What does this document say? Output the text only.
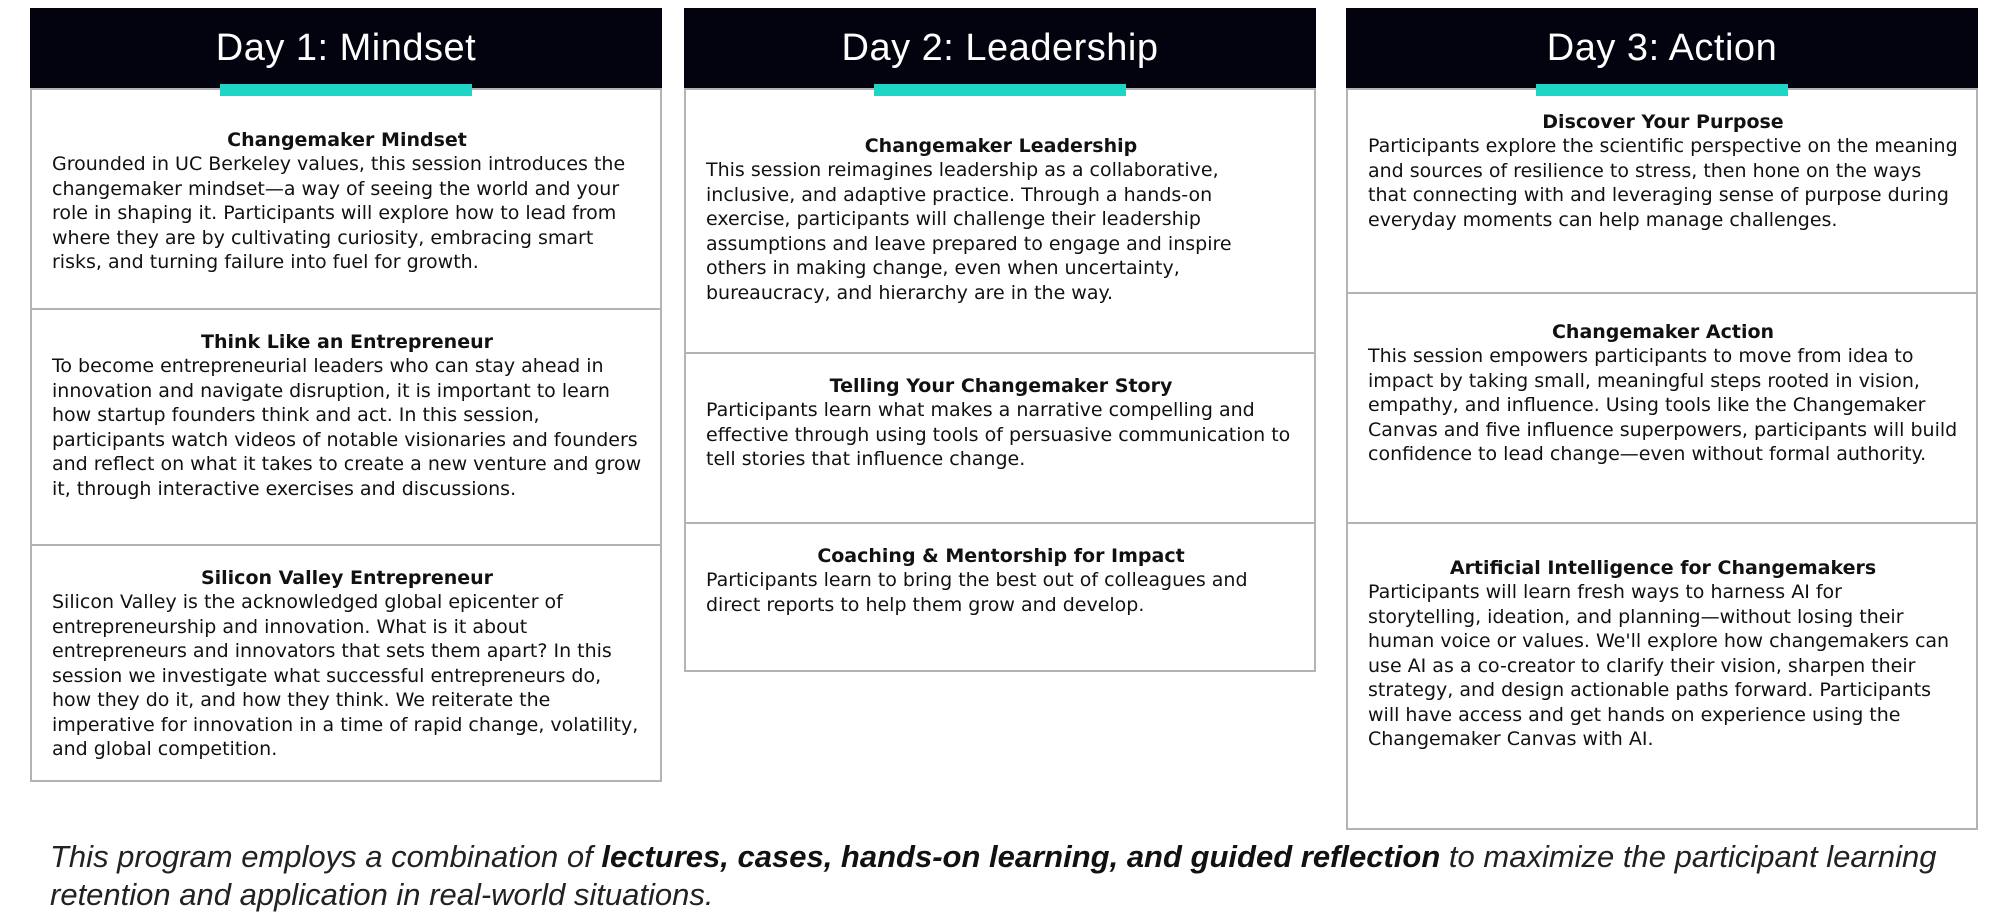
Day 1: Mindset

Changemaker Mindset

Grounded in UC Berkeley values, this session introduces the changemaker mindset—a way of seeing the world and your role in shaping it. Participants will explore how to lead from where they are by cultivating curiosity, embracing smart risks, and turning failure into fuel for growth.

Think Like an Entrepreneur

To become entrepreneurial leaders who can stay ahead in innovation and navigate disruption, it is important to learn how startup founders think and act. In this session, participants watch videos of notable visionaries and founders and reflect on what it takes to create a new venture and grow it, through interactive exercises and discussions.

Silicon Valley Entrepreneur

Silicon Valley is the acknowledged global epicenter of entrepreneurship and innovation. What is it about entrepreneurs and innovators that sets them apart? In this session we investigate what successful entrepreneurs do, how they do it, and how they think. We reiterate the imperative for innovation in a time of rapid change, volatility, and global competition.

Day 2: Leadership

Changemaker Leadership

This session reimagines leadership as a collaborative, inclusive, and adaptive practice. Through a hands-on exercise, participants will challenge their leadership assumptions and leave prepared to engage and inspire others in making change, even when uncertainty, bureaucracy, and hierarchy are in the way.

Telling Your Changemaker Story

Participants learn what makes a narrative compelling and effective through using tools of persuasive communication to tell stories that influence change.

Coaching & Mentorship for Impact

Participants learn to bring the best out of colleagues and direct reports to help them grow and develop.

Day 3: Action

Discover Your Purpose

Participants explore the scientific perspective on the meaning and sources of resilience to stress, then hone on the ways that connecting with and leveraging sense of purpose during everyday moments can help manage challenges.

Changemaker Action

This session empowers participants to move from idea to impact by taking small, meaningful steps rooted in vision, empathy, and influence. Using tools like the Changemaker Canvas and five influence superpowers, participants will build confidence to lead change—even without formal authority.

Artificial Intelligence for Changemakers

Participants will learn fresh ways to harness AI for storytelling, ideation, and planning—without losing their human voice or values. We'll explore how changemakers can use AI as a co-creator to clarify their vision, sharpen their strategy, and design actionable paths forward. Participants will have access and get hands on experience using the Changemaker Canvas with AI.

This program employs a combination of lectures, cases, hands-on learning, and guided reflection to maximize the participant learning retention and application in real-world situations.
